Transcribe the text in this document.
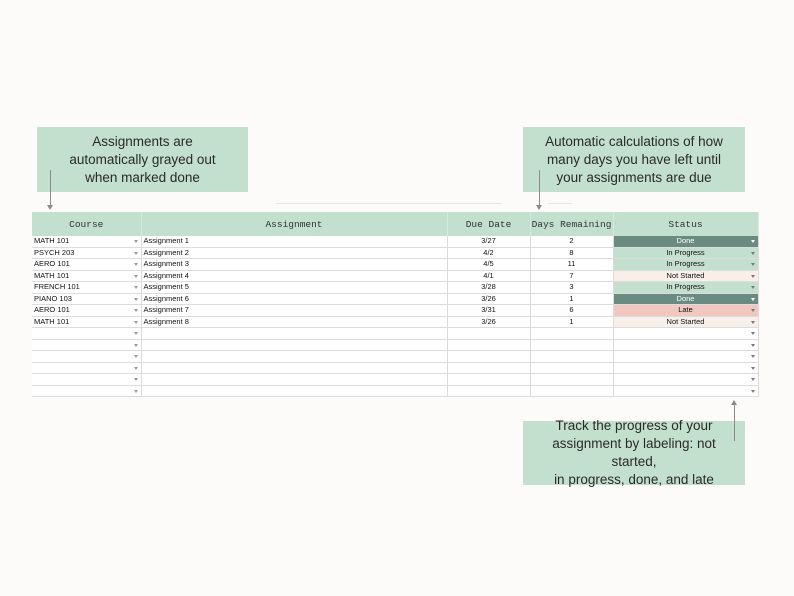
Assignments are
automatically grayed out
when marked done
Automatic calculations of how
many days you have left until
your assignments are due
Track the progress of your
assignment by labeling: not started,
in progress, done, and late
Course	Assignment	Due Date	Days Remaining	Status
MATH 101	Assignment 1	3/27	2	Done

PSYCH 203	Assignment 2	4/2	8	In Progress

AERO 101	Assignment 3	4/5	11	In Progress

MATH 101	Assignment 4	4/1	7	Not Started

FRENCH 101	Assignment 5	3/28	3	In Progress

PIANO 103	Assignment 6	3/26	1	Done

AERO 101	Assignment 7	3/31	6	Late

MATH 101	Assignment 8	3/26	1	Not Started
